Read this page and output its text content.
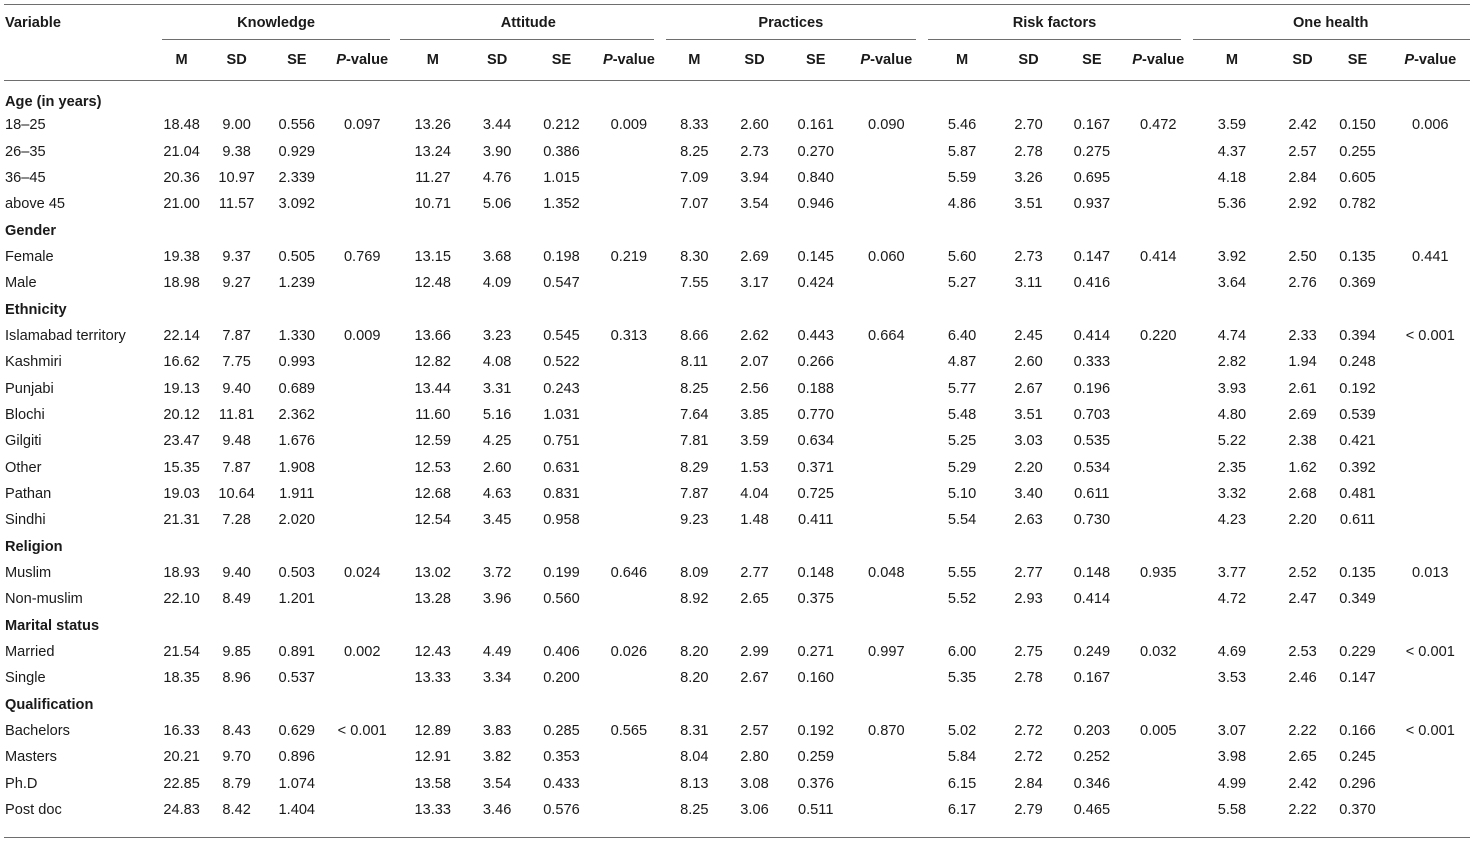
Variable	Knowledge				Attitude				Practices				Risk factors				One health			

	M	SD	SE	P-value	M	SD	SE	P-value	M	SD	SE	P-value	M	SD	SE	P-value	M	SD	SE	P-value
Age (in years)																				
18–25	18.48	9.00	0.556	0.097	13.26	3.44	0.212	0.009	8.33	2.60	0.161	0.090	5.46	2.70	0.167	0.472	3.59	2.42	0.150	0.006
26–35	21.04	9.38	0.929		13.24	3.90	0.386		8.25	2.73	0.270		5.87	2.78	0.275		4.37	2.57	0.255	
36–45	20.36	10.97	2.339		11.27	4.76	1.015		7.09	3.94	0.840		5.59	3.26	0.695		4.18	2.84	0.605	
above 45	21.00	11.57	3.092		10.71	5.06	1.352		7.07	3.54	0.946		4.86	3.51	0.937		5.36	2.92	0.782	
Gender																				
Female	19.38	9.37	0.505	0.769	13.15	3.68	0.198	0.219	8.30	2.69	0.145	0.060	5.60	2.73	0.147	0.414	3.92	2.50	0.135	0.441
Male	18.98	9.27	1.239		12.48	4.09	0.547		7.55	3.17	0.424		5.27	3.11	0.416		3.64	2.76	0.369	
Ethnicity																				
Islamabad territory	22.14	7.87	1.330	0.009	13.66	3.23	0.545	0.313	8.66	2.62	0.443	0.664	6.40	2.45	0.414	0.220	4.74	2.33	0.394	< 0.001
Kashmiri	16.62	7.75	0.993		12.82	4.08	0.522		8.11	2.07	0.266		4.87	2.60	0.333		2.82	1.94	0.248	
Punjabi	19.13	9.40	0.689		13.44	3.31	0.243		8.25	2.56	0.188		5.77	2.67	0.196		3.93	2.61	0.192	
Blochi	20.12	11.81	2.362		11.60	5.16	1.031		7.64	3.85	0.770		5.48	3.51	0.703		4.80	2.69	0.539	
Gilgiti	23.47	9.48	1.676		12.59	4.25	0.751		7.81	3.59	0.634		5.25	3.03	0.535		5.22	2.38	0.421	
Other	15.35	7.87	1.908		12.53	2.60	0.631		8.29	1.53	0.371		5.29	2.20	0.534		2.35	1.62	0.392	
Pathan	19.03	10.64	1.911		12.68	4.63	0.831		7.87	4.04	0.725		5.10	3.40	0.611		3.32	2.68	0.481	
Sindhi	21.31	7.28	2.020		12.54	3.45	0.958		9.23	1.48	0.411		5.54	2.63	0.730		4.23	2.20	0.611	
Religion																				
Muslim	18.93	9.40	0.503	0.024	13.02	3.72	0.199	0.646	8.09	2.77	0.148	0.048	5.55	2.77	0.148	0.935	3.77	2.52	0.135	0.013
Non-muslim	22.10	8.49	1.201		13.28	3.96	0.560		8.92	2.65	0.375		5.52	2.93	0.414		4.72	2.47	0.349	
Marital status																				
Married	21.54	9.85	0.891	0.002	12.43	4.49	0.406	0.026	8.20	2.99	0.271	0.997	6.00	2.75	0.249	0.032	4.69	2.53	0.229	< 0.001
Single	18.35	8.96	0.537		13.33	3.34	0.200		8.20	2.67	0.160		5.35	2.78	0.167		3.53	2.46	0.147	
Qualification																				
Bachelors	16.33	8.43	0.629	< 0.001	12.89	3.83	0.285	0.565	8.31	2.57	0.192	0.870	5.02	2.72	0.203	0.005	3.07	2.22	0.166	< 0.001
Masters	20.21	9.70	0.896		12.91	3.82	0.353		8.04	2.80	0.259		5.84	2.72	0.252		3.98	2.65	0.245	
Ph.D	22.85	8.79	1.074		13.58	3.54	0.433		8.13	3.08	0.376		6.15	2.84	0.346		4.99	2.42	0.296	
Post doc	24.83	8.42	1.404		13.33	3.46	0.576		8.25	3.06	0.511		6.17	2.79	0.465		5.58	2.22	0.370	
